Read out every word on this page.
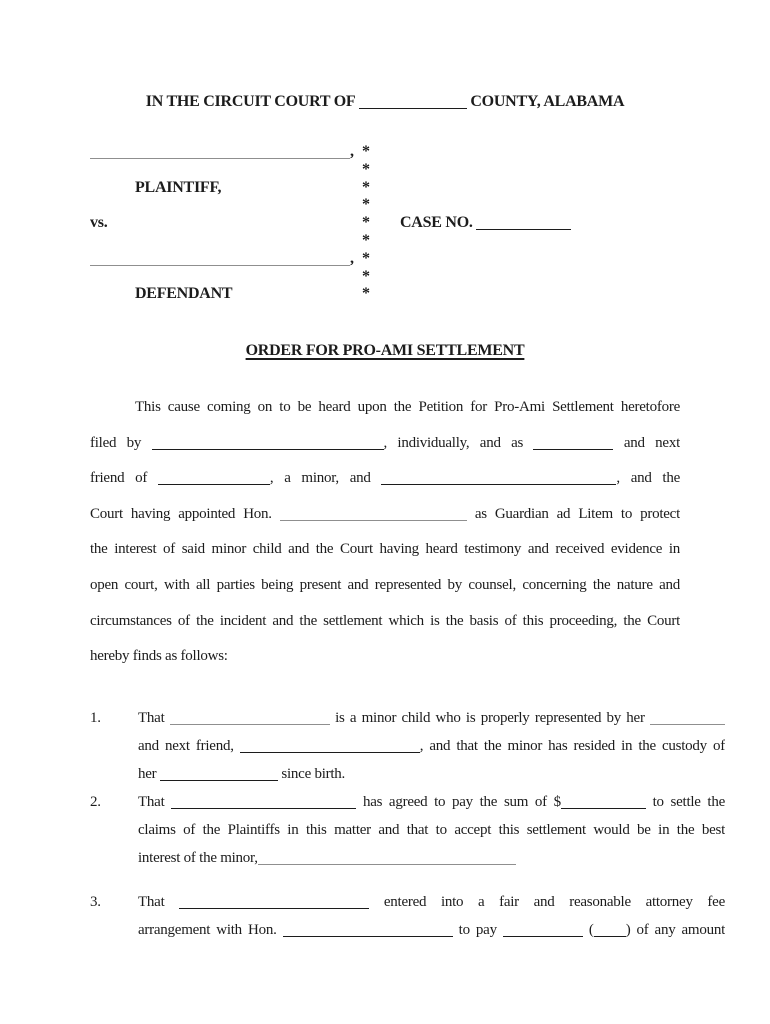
IN THE CIRCUIT COURT OF	COUNTY, ALABAMA
, *
*
PLAINTIFF,	*
*
vs.	*	CASE NO.
*
, *
*
DEFENDANT	*
ORDER FOR PRO-AMI SETTLEMENT
This cause coming on to be heard upon the Petition for Pro-Ami Settlement heretofore
filed by	, individually, and as	and next
friend of	, a minor, and	, and the
Court having appointed Hon.	as Guardian ad Litem to protect
the interest of said minor child and the Court having heard testimony and received evidence in
open court, with all parties being present and represented by counsel, concerning the nature and
circumstances of the incident and the settlement which is the basis of this proceeding, the Court
hereby finds as follows:
1.	That	is a minor child who is properly represented by her
and next friend,	, and that the minor has resided in the custody of
her	since birth.
2.	That	has agreed to pay the sum of $	to settle the
claims of the Plaintiffs in this matter and that to accept this settlement would be in the best
interest of the minor,
3.	That	entered into a fair and reasonable attorney fee
arrangement with Hon.	to pay	( ) of any amount
